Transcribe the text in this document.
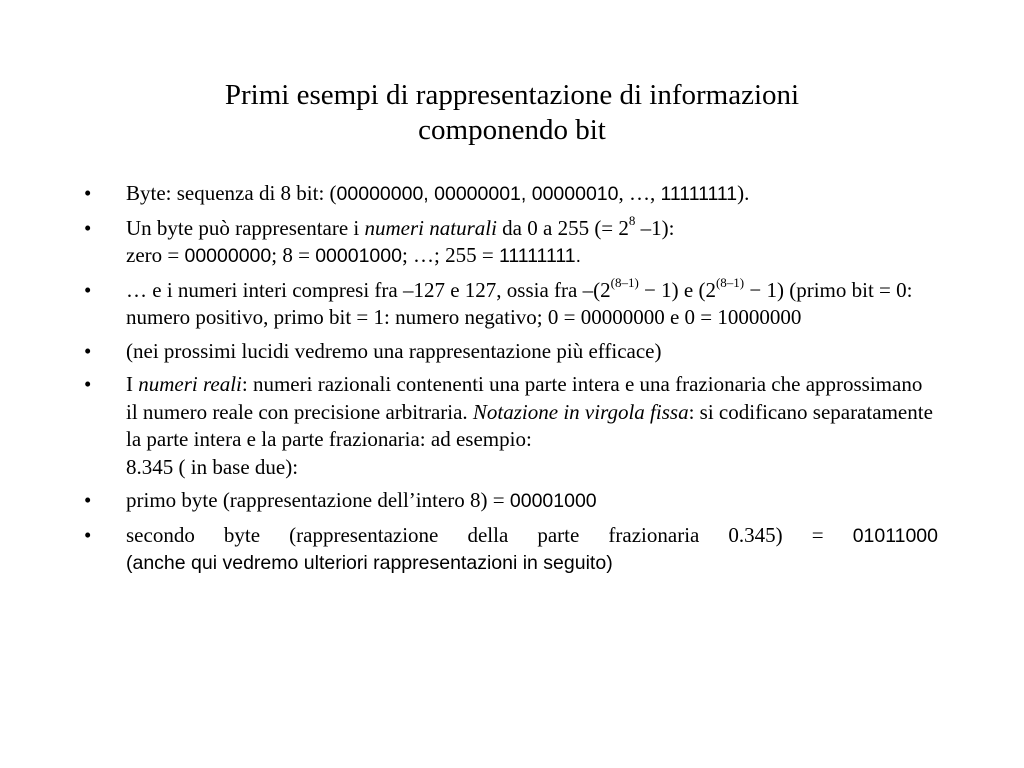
Primi esempi di rappresentazione di informazioni
componendo bit
•	Byte: sequenza di 8 bit: (00000000, 00000001, 00000010, …, 11111111).
•	Un byte può rappresentare i numeri naturali da 0 a 255 (= $2^8$ –1):
zero = 00000000; 8 = 00001000; …; 255 = 11111111.
•	… e i numeri interi compresi fra –127 e 127, ossia fra $-(2^{(8-1)} - 1)$ e $(2^{(8-1)} - 1)$ (primo bit = 0: numero positivo, primo bit = 1: numero negativo; 0 = 00000000 e 0 = 10000000
•	(nei prossimi lucidi vedremo una rappresentazione più efficace)
•	I numeri reali: numeri razionali contenenti una parte intera e una frazionaria che approssimano il numero reale con precisione arbitraria. Notazione in virgola fissa: si codificano separatamente la parte intera e la parte frazionaria: ad esempio:
8.345 ( in base due):
•	primo byte (rappresentazione dell’intero 8) = 00001000
•	secondo byte (rappresentazione della parte frazionaria 0.345) = 01011000
(anche qui vedremo ulteriori rappresentazioni in seguito)
